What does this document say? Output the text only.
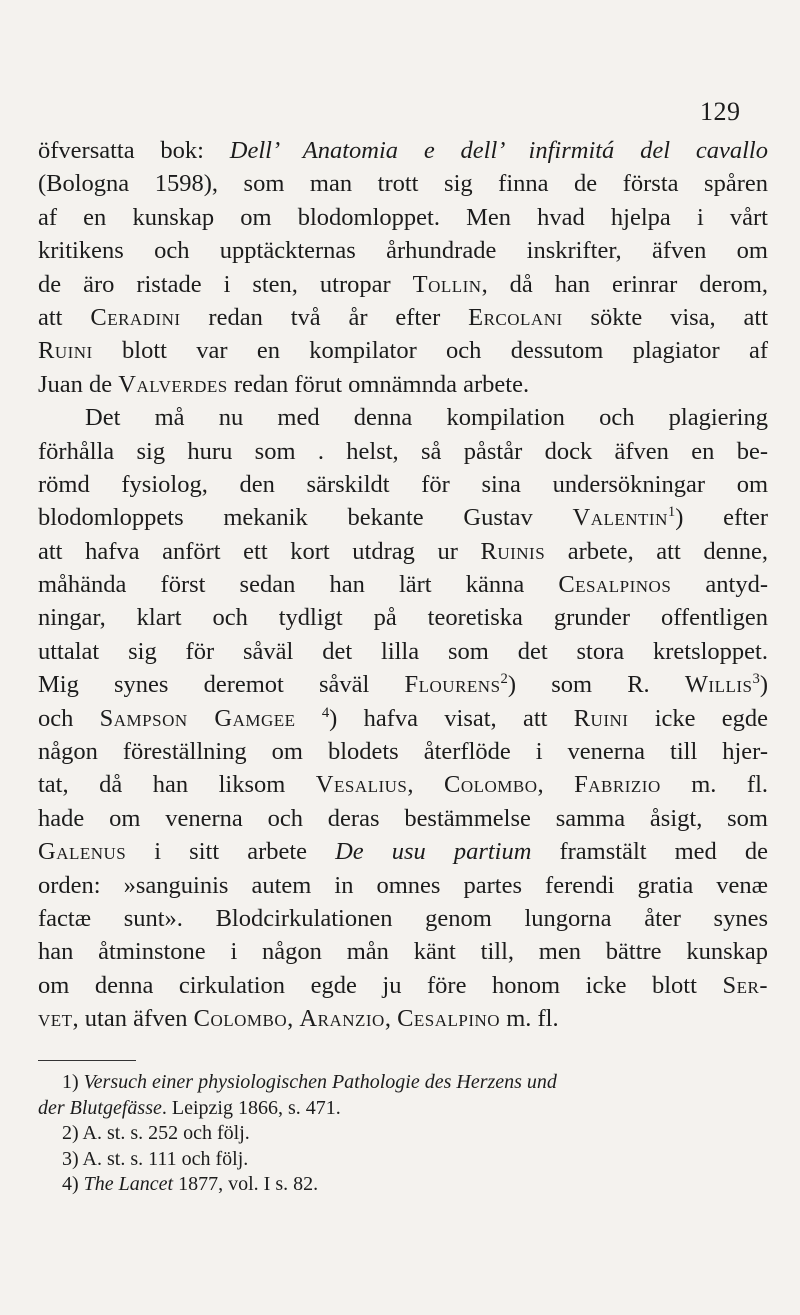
129
öfversatta bok: Dell’ Anatomia e dell’ infirmitá del cavallo
(Bologna 1598), som man trott sig finna de första spåren
af en kunskap om blodomloppet. Men hvad hjelpa i vårt
kritikens och upptäckternas århundrade inskrifter, äfven om
de äro ristade i sten, utropar Tollin, då han erinrar derom,
att Ceradini redan två år efter Ercolani sökte visa, att
Ruini blott var en kompilator och dessutom plagiator af
Juan de Valverdes redan förut omnämnda arbete.
Det må nu med denna kompilation och plagiering
förhålla sig huru som . helst, så påstår dock äfven en be-
römd fysiolog, den särskildt för sina undersökningar om
blodomloppets mekanik bekante Gustav Valentin$^1$) efter
att hafva anfört ett kort utdrag ur Ruinis arbete, att denne,
måhända först sedan han lärt känna Cesalpinos antyd-
ningar, klart och tydligt på teoretiska grunder offentligen
uttalat sig för såväl det lilla som det stora kretsloppet.
Mig synes deremot såväl Flourens$^2$) som R. Willis$^3$)
och Sampson Gamgee $^4$) hafva visat, att Ruini icke egde
någon föreställning om blodets återflöde i venerna till hjer-
tat, då han liksom Vesalius, Colombo, Fabrizio m. fl.
hade om venerna och deras bestämmelse samma åsigt, som
Galenus i sitt arbete De usu partium framstält med de
orden: »sanguinis autem in omnes partes ferendi gratia venæ
factæ sunt». Blodcirkulationen genom lungorna åter synes
han åtminstone i någon mån känt till, men bättre kunskap
om denna cirkulation egde ju före honom icke blott Ser-
vet, utan äfven Colombo, Aranzio, Cesalpino m. fl.
1) Versuch einer physiologischen Pathologie des Herzens und
der Blutgefässe. Leipzig 1866, s. 471.
2) A. st. s. 252 och följ.
3) A. st. s. 111 och följ.
4) The Lancet 1877, vol. I s. 82.
